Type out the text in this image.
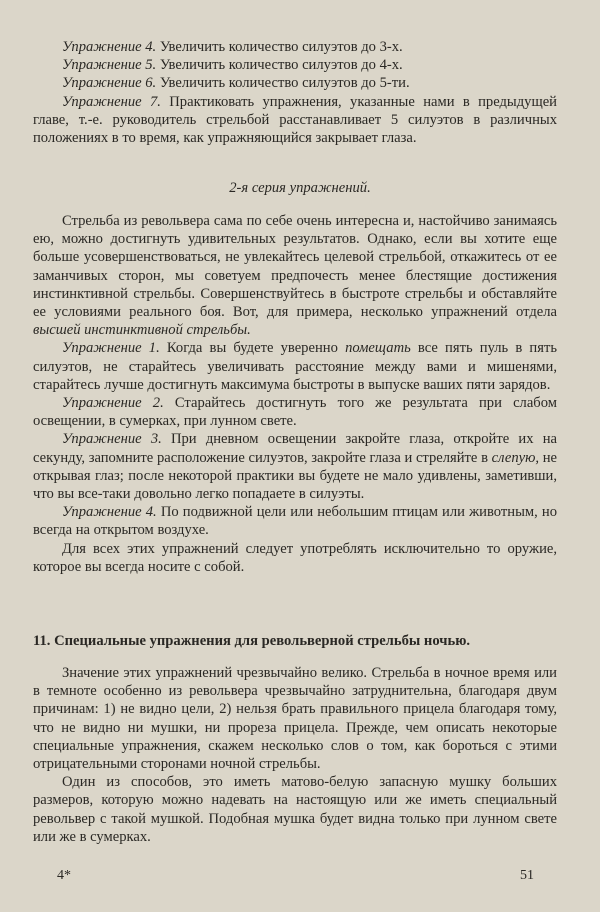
Упражнение 4. Увеличить количество силуэтов до 3-х.

Упражнение 5. Увеличить количество силуэтов до 4-х.

Упражнение 6. Увеличить количество силуэтов до 5-ти.

Упражнение 7. Практиковать упражнения, указанные нами в предыдущей главе, т.-е. руководитель стрельбой расстанавливает 5 силуэтов в различных положениях в то время, как упражняющийся закрывает глаза.

2-я серия упражнений.

Стрельба из револьвера сама по себе очень интересна и, настойчиво занимаясь ею, можно достигнуть удивительных результатов. Однако, если вы хотите еще больше усовершенствоваться, не увлекайтесь целевой стрельбой, откажитесь от ее заманчивых сторон, мы советуем предпочесть менее блестящие достижения инстинктивной стрельбы. Совершенствуйтесь в быстроте стрельбы и обставляйте ее условиями реального боя. Вот, для примера, несколько упражнений отдела высшей инстинктивной стрельбы.

Упражнение 1. Когда вы будете уверенно помещать все пять пуль в пять силуэтов, не старайтесь увеличивать расстояние между вами и мишенями, старайтесь лучше достигнуть максимума быстроты в выпуске ваших пяти зарядов.

Упражнение 2. Старайтесь достигнуть того же результата при слабом освещении, в сумерках, при лунном свете.

Упражнение 3. При дневном освещении закройте глаза, откройте их на секунду, запомните расположение силуэтов, закройте глаза и стреляйте в слепую, не открывая глаз; после некоторой практики вы будете не мало удивлены, заметивши, что вы все-таки довольно легко попадаете в силуэты.

Упражнение 4. По подвижной цели или небольшим птицам или животным, но всегда на открытом воздухе.

Для всех этих упражнений следует употреблять исключительно то оружие, которое вы всегда носите с собой.

11. Специальные упражнения для револьверной стрельбы ночью.

Значение этих упражнений чрезвычайно велико. Стрельба в ночное время или в темноте особенно из револьвера чрезвычайно затруднительна, благодаря двум причинам: 1) не видно цели, 2) нельзя брать правильного прицела благодаря тому, что не видно ни мушки, ни прореза прицела. Прежде, чем описать некоторые специальные упражнения, скажем несколько слов о том, как бороться с этими отрицательными сторонами ночной стрельбы.

Один из способов, это иметь матово-белую запасную мушку больших размеров, которую можно надевать на настоящую или же иметь специальный револьвер с такой мушкой. Подобная мушка будет видна только при лунном свете или же в сумерках.

4*	51
